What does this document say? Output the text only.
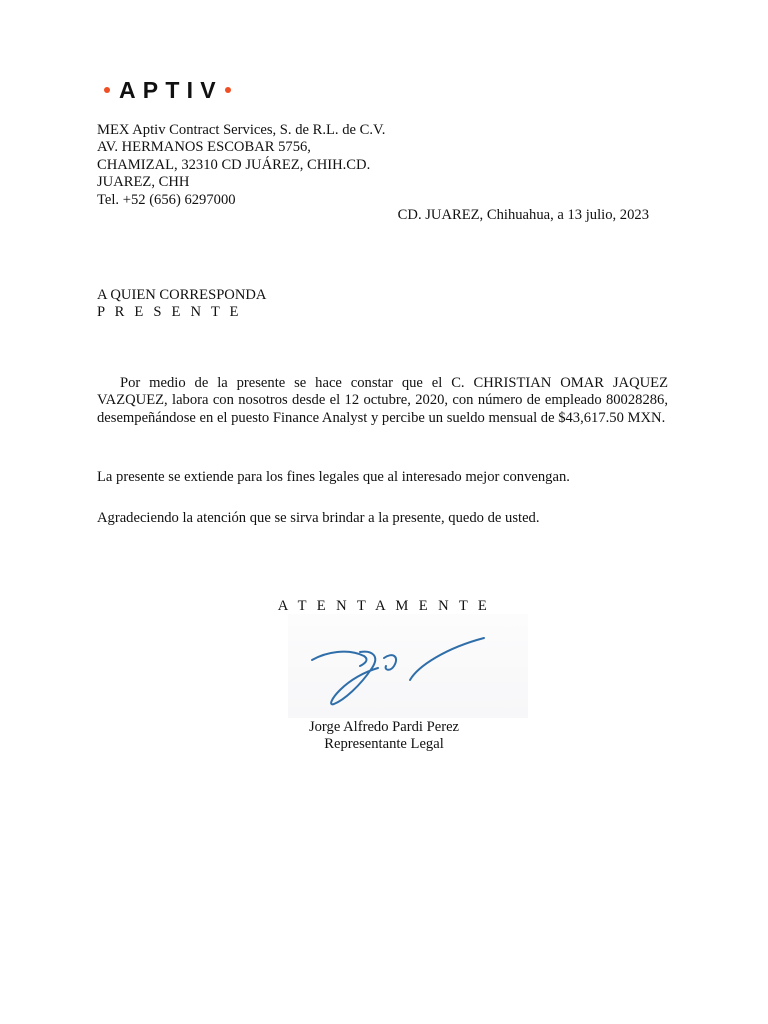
APTIV
MEX Aptiv Contract Services, S. de R.L. de C.V.
AV. HERMANOS ESCOBAR 5756,
CHAMIZAL, 32310 CD JUÁREZ, CHIH.CD.
JUAREZ, CHH
Tel. +52 (656) 6297000
CD. JUAREZ, Chihuahua, a 13 julio, 2023
A QUIEN CORRESPONDA
P R E S E N T E
Por medio de la presente se hace constar que el C. CHRISTIAN OMAR JAQUEZ VAZQUEZ, labora con nosotros desde el 12 octubre, 2020, con número de empleado 80028286, desempeñándose en el puesto Finance Analyst y percibe un sueldo mensual de $43,617.50 MXN.
La presente se extiende para los fines legales que al interesado mejor convengan.
Agradeciendo la atención que se sirva brindar a la presente, quedo de usted.
A T E N T A M E N T E
Jorge Alfredo Pardi Perez
Representante Legal
